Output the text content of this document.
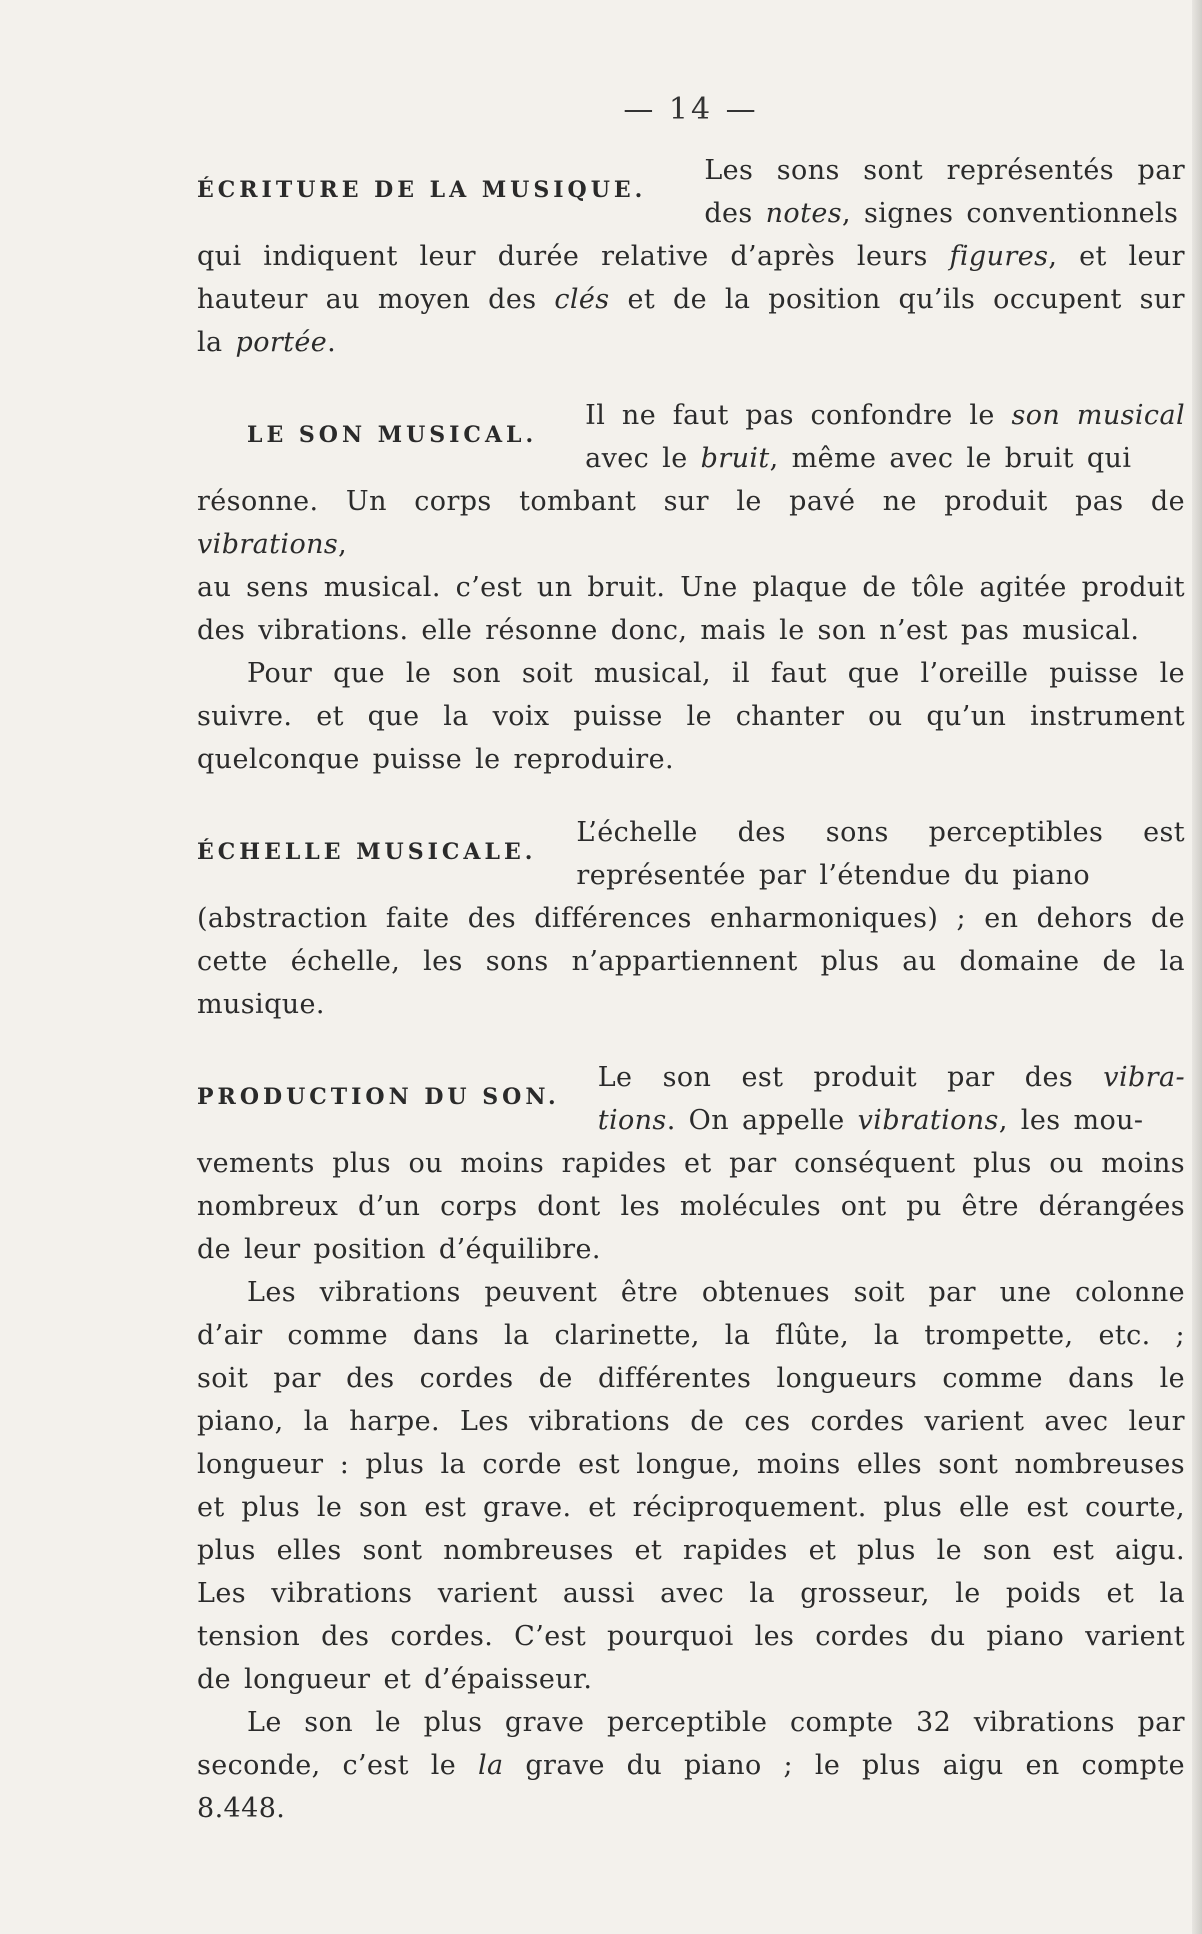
— 14 —
ÉCRITURE DE LA MUSIQUE.
Les sons sont représentés par
des notes, signes conventionnels
qui indiquent leur durée relative d’après leurs figures, et leur
hauteur au moyen des clés et de la position qu’ils occupent sur
la portée.
LE SON MUSICAL.
Il ne faut pas confondre le son musical
avec le bruit, même avec le bruit qui
résonne. Un corps tombant sur le pavé ne produit pas de vibrations,
au sens musical. c’est un bruit. Une plaque de tôle agitée produit
des vibrations. elle résonne donc, mais le son n’est pas musical.
Pour que le son soit musical, il faut que l’oreille puisse le
suivre. et que la voix puisse le chanter ou qu’un instrument
quelconque puisse le reproduire.
ÉCHELLE MUSICALE.
L’échelle des sons perceptibles est
représentée par l’étendue du piano
(abstraction faite des différences enharmoniques) ; en dehors de
cette échelle, les sons n’appartiennent plus au domaine de la
musique.
PRODUCTION DU SON.
Le son est produit par des vibra-
tions. On appelle vibrations, les mou-
vements plus ou moins rapides et par conséquent plus ou moins
nombreux d’un corps dont les molécules ont pu être dérangées
de leur position d’équilibre.
Les vibrations peuvent être obtenues soit par une colonne
d’air comme dans la clarinette, la flûte, la trompette, etc. ;
soit par des cordes de différentes longueurs comme dans le
piano, la harpe. Les vibrations de ces cordes varient avec leur
longueur : plus la corde est longue, moins elles sont nombreuses
et plus le son est grave. et réciproquement. plus elle est courte,
plus elles sont nombreuses et rapides et plus le son est aigu.
Les vibrations varient aussi avec la grosseur, le poids et la
tension des cordes. C’est pourquoi les cordes du piano varient
de longueur et d’épaisseur.
Le son le plus grave perceptible compte 32 vibrations par
seconde, c’est le la grave du piano ; le plus aigu en compte
8.448.
